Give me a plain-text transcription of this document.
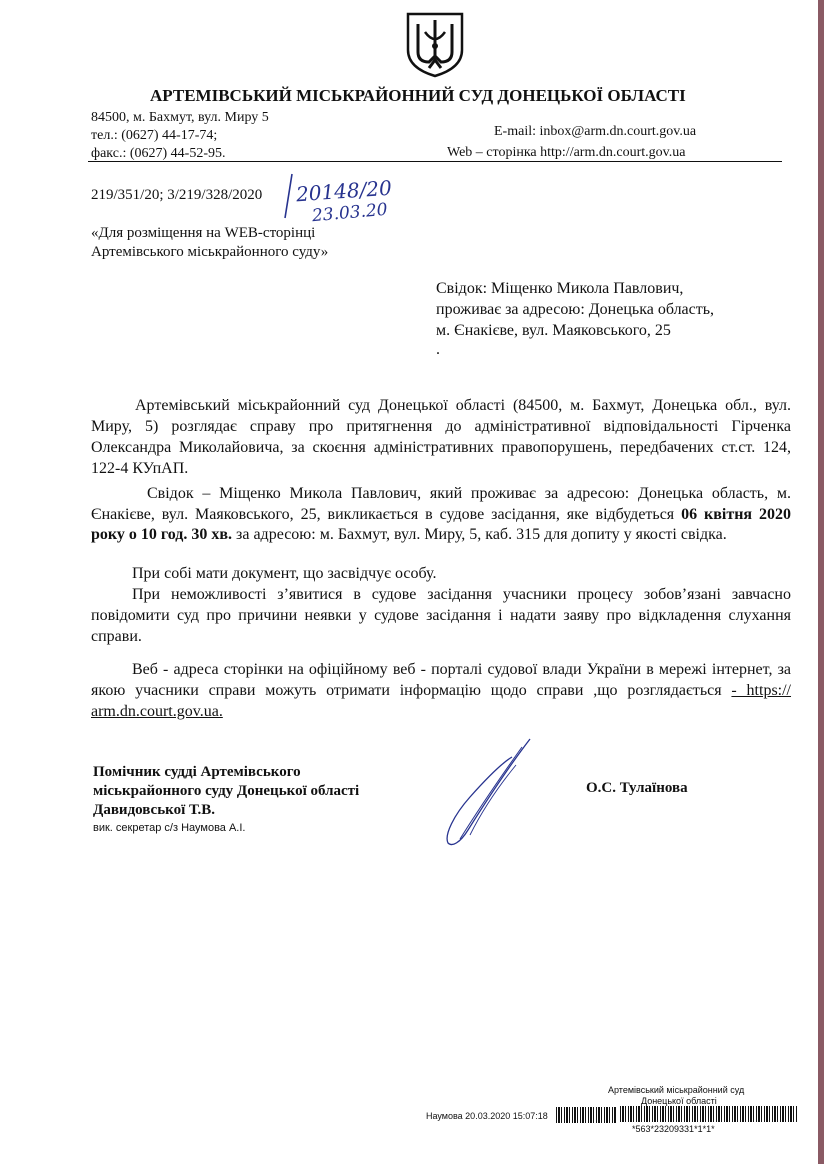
АРТЕМІВСЬКИЙ МІСЬКРАЙОННИЙ СУД ДОНЕЦЬКОЇ ОБЛАСТІ
84500, м. Бахмут, вул. Миру 5
тел.: (0627) 44-17-74;
факс.: (0627) 44-52-95.
E-mail: inbox@arm.dn.court.gov.ua
Web – сторінка http://arm.dn.court.gov.ua
219/351/20; 3/219/328/2020 20148/20
23.03.20
«Для розміщення на WEB-сторінці
Артемівського міськрайонного суду»
Свідок: Міщенко Микола Павлович,
проживає за адресою: Донецька область,
м. Єнакієве, вул. Маяковського, 25
.
Артемівський міськрайонний суд Донецької області (84500, м. Бахмут, Донецька обл., вул. Миру, 5) розглядає справу про притягнення до адміністративної відповідальності Гірченка Олександра Миколайовича, за скоєння адміністративних правопорушень, передбачених ст.ст. 124, 122-4 КУпАП.
Свідок – Міщенко Микола Павлович, який проживає за адресою: Донецька область, м. Єнакієве, вул. Маяковського, 25, викликається в судове засідання, яке відбудеться 06 квітня 2020 року о 10 год. 30 хв. за адресою: м. Бахмут, вул. Миру, 5, каб. 315 для допиту у якості свідка.
При собі мати документ, що засвідчує особу.
При неможливості з’явитися в судове засідання учасники процесу зобов’язані завчасно повідомити суд про причини неявки у судове засідання і надати заяву про відкладення слухання справи.
Веб - адреса сторінки на офіційному веб - порталі судової влади України в мережі інтернет, за якою учасники справи можуть отримати інформацію щодо справи ,що розглядається - https:// arm.dn.court.gov.ua.
Помічник судді Артемівського
міськрайонного суду Донецької області
Давидовської Т.В.
вик. секретар с/з Наумова А.І.
О.С. Тулаїнова
Артемівський міськрайонний суд
Донецької області
Наумова 20.03.2020 15:07:18
*563*23209331*1*1*
